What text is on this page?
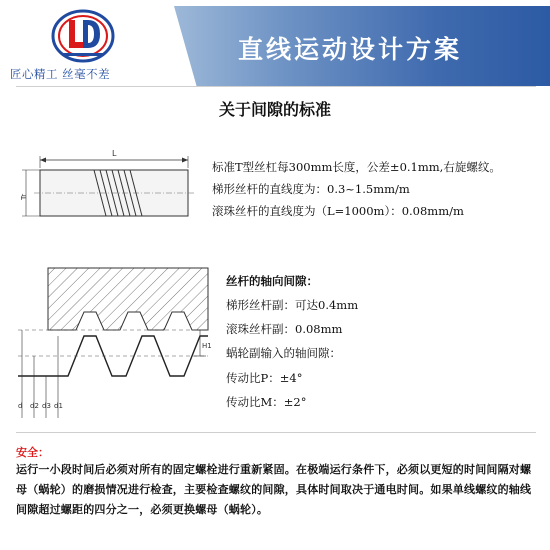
匠心精工 丝毫不差
直线运动设计方案
关于间隙的标准
L
Tr
标准T型丝杠每300mm长度，公差±0.1mm,右旋螺纹。
梯形丝杆的直线度为：0.3~1.5mm/m
滚珠丝杆的直线度为（L=1000m）：0.08mm/m
d d2 d3 d1
H1
丝杆的轴向间隙：
梯形丝杆副：可达0.4mm
滚珠丝杆副：0.08mm
蜗轮副输入的轴间隙：
传动比P：±4°
传动比M：±2°
安全：
运行一小段时间后必须对所有的固定螺栓进行重新紧固。在极端运行条件下，必须以更短的时间间隔对螺母（蜗轮）的磨损情况进行检查，主要检查螺纹的间隙，具体时间取决于通电时间。如果单线螺纹的轴线间隙超过螺距的四分之一，必须更换螺母（蜗轮）。
